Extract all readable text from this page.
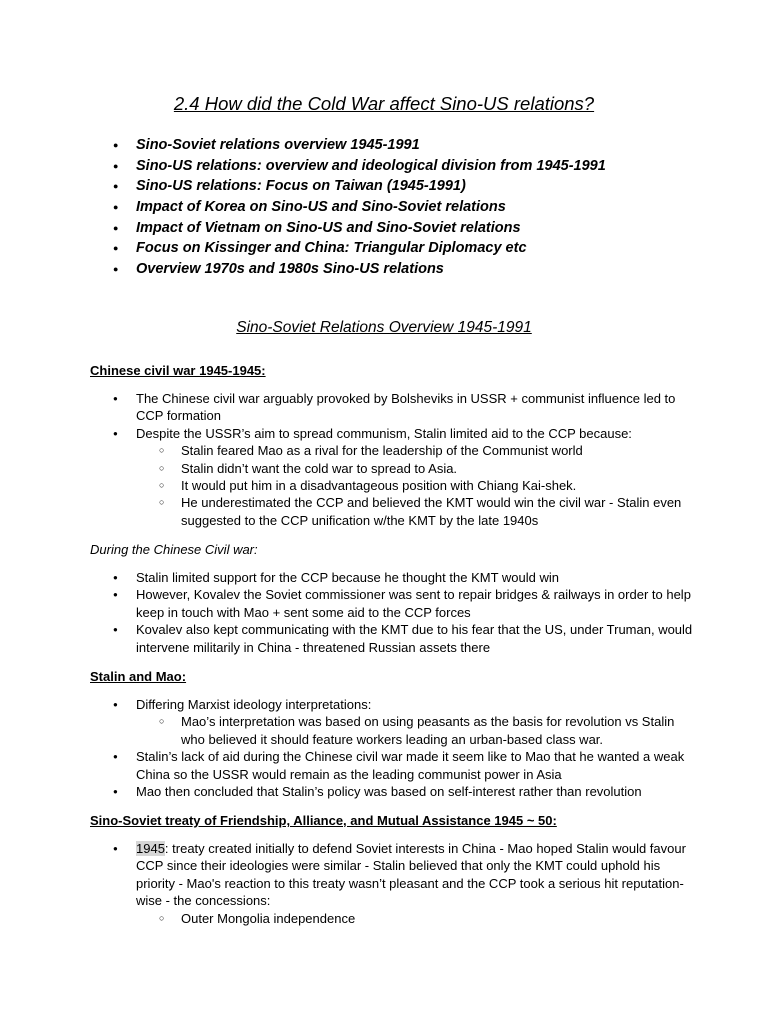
2.4 How did the Cold War affect Sino-US relations?
● Sino-Soviet relations overview 1945-1991
● Sino-US relations: overview and ideological division from 1945-1991
● Sino-US relations: Focus on Taiwan (1945-1991)
● Impact of Korea on Sino-US and Sino-Soviet relations
● Impact of Vietnam on Sino-US and Sino-Soviet relations
● Focus on Kissinger and China: Triangular Diplomacy etc
● Overview 1970s and 1980s Sino-US relations
Sino-Soviet Relations Overview 1945-1991
Chinese civil war 1945-1945:
● The Chinese civil war arguably provoked by Bolsheviks in USSR + communist influence led to CCP formation
● Despite the USSR’s aim to spread communism, Stalin limited aid to the CCP because:
○ Stalin feared Mao as a rival for the leadership of the Communist world
○ Stalin didn’t want the cold war to spread to Asia.
○ It would put him in a disadvantageous position with Chiang Kai-shek.
○ He underestimated the CCP and believed the KMT would win the civil war - Stalin even suggested to the CCP unification w/the KMT by the late 1940s
During the Chinese Civil war:
● Stalin limited support for the CCP because he thought the KMT would win
● However, Kovalev the Soviet commissioner was sent to repair bridges & railways in order to help keep in touch with Mao + sent some aid to the CCP forces
● Kovalev also kept communicating with the KMT due to his fear that the US, under Truman, would intervene militarily in China - threatened Russian assets there
Stalin and Mao:
● Differing Marxist ideology interpretations:
○ Mao’s interpretation was based on using peasants as the basis for revolution vs Stalin who believed it should feature workers leading an urban-based class war.
● Stalin’s lack of aid during the Chinese civil war made it seem like to Mao that he wanted a weak China so the USSR would remain as the leading communist power in Asia
● Mao then concluded that Stalin’s policy was based on self-interest rather than revolution
Sino-Soviet treaty of Friendship, Alliance, and Mutual Assistance 1945 ~ 50:
● 1945: treaty created initially to defend Soviet interests in China - Mao hoped Stalin would favour CCP since their ideologies were similar - Stalin believed that only the KMT could uphold his priority - Mao's reaction to this treaty wasn’t pleasant and the CCP took a serious hit reputation-wise - the concessions:
○ Outer Mongolia independence
